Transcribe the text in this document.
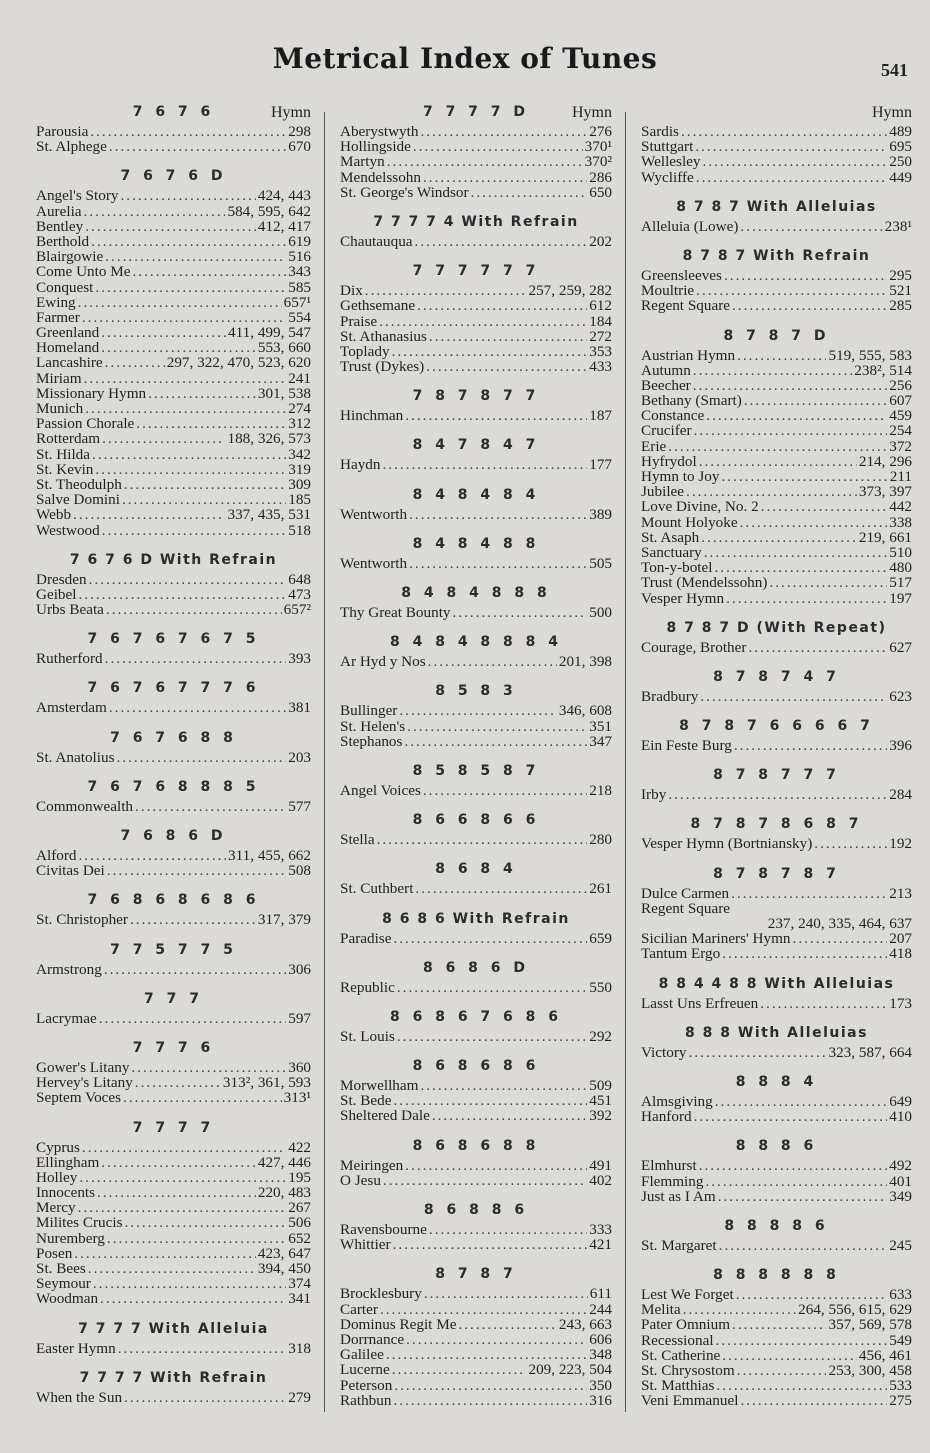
Metrical Index of Tunes	541
7 6 7 6	Hymn
Parousia .....	298
St. Alphege .....	670
7 6 7 6 D
Angel's Story .....	424, 443
Aurelia .....	584, 595, 642
Bentley .....	412, 417
Berthold .....	619
Blairgowie .....	516
Come Unto Me .....	343
Conquest .....	585
Ewing .....	657¹
Farmer .....	554
Greenland .....	411, 499, 547
Homeland .....	553, 660
Lancashire .....	297, 322, 470, 523, 620
Miriam .....	241
Missionary Hymn .....	301, 538
Munich .....	274
Passion Chorale .....	312
Rotterdam .....	188, 326, 573
St. Hilda .....	342
St. Kevin .....	319
St. Theodulph .....	309
Salve Domini .....	185
Webb .....	337, 435, 531
Westwood .....	518
7 6 7 6 D With Refrain
Dresden .....	648
Geibel .....	473
Urbs Beata .....	657²
7 6 7 6 7 6 7 5
Rutherford .....	393
7 6 7 6 7 7 7 6
Amsterdam .....	381
7 6 7 6 8 8
St. Anatolius .....	203
7 6 7 6 8 8 8 5
Commonwealth .....	577
7 6 8 6 D
Alford .....	311, 455, 662
Civitas Dei .....	508
7 6 8 6 8 6 8 6
St. Christopher .....	317, 379
7 7 5 7 7 5
Armstrong .....	306
7 7 7
Lacrymae .....	597
7 7 7 6
Gower's Litany .....	360
Hervey's Litany .....	313², 361, 593
Septem Voces .....	313¹
7 7 7 7
Cyprus .....	422
Ellingham .....	427, 446
Holley .....	195
Innocents .....	220, 483
Mercy .....	267
Milites Crucis .....	506
Nuremberg .....	652
Posen .....	423, 647
St. Bees .....	394, 450
Seymour .....	374
Woodman .....	341
7 7 7 7 With Alleluia
Easter Hymn .....	318
7 7 7 7 With Refrain
When the Sun .....	279
7 7 7 7 D	Hymn
Aberystwyth .....	276
Hollingside .....	370¹
Martyn .....	370²
Mendelssohn .....	286
St. George's Windsor .....	650
7 7 7 7 4 With Refrain
Chautauqua .....	202
7 7 7 7 7 7
Dix .....	257, 259, 282
Gethsemane .....	612
Praise .....	184
St. Athanasius .....	272
Toplady .....	353
Trust (Dykes) .....	433
7 8 7 8 7 7
Hinchman .....	187
8 4 7 8 4 7
Haydn .....	177
8 4 8 4 8 4
Wentworth .....	389
8 4 8 4 8 8
Wentworth .....	505
8 4 8 4 8 8 8
Thy Great Bounty .....	500
8 4 8 4 8 8 8 4
Ar Hyd y Nos .....	201, 398
8 5 8 3
Bullinger .....	346, 608
St. Helen's .....	351
Stephanos .....	347
8 5 8 5 8 7
Angel Voices .....	218
8 6 6 8 6 6
Stella .....	280
8 6 8 4
St. Cuthbert .....	261
8 6 8 6 With Refrain
Paradise .....	659
8 6 8 6 D
Republic .....	550
8 6 8 6 7 6 8 6
St. Louis .....	292
8 6 8 6 8 6
Morwellham .....	509
St. Bede .....	451
Sheltered Dale .....	392
8 6 8 6 8 8
Meiringen .....	491
O Jesu .....	402
8 6 8 8 6
Ravensbourne .....	333
Whittier .....	421
8 7 8 7
Brocklesbury .....	611
Carter .....	244
Dominus Regit Me .....	243, 663
Dorrnance .....	606
Galilee .....	348
Lucerne .....	209, 223, 504
Peterson .....	350
Rathbun .....	316

Hymn
Sardis .....	489
Stuttgart .....	695
Wellesley .....	250
Wycliffe .....	449
8 7 8 7 With Alleluias
Alleluia (Lowe) .....	238¹
8 7 8 7 With Refrain
Greensleeves .....	295
Moultrie .....	521
Regent Square .....	285
8 7 8 7 D
Austrian Hymn .....	519, 555, 583
Autumn .....	238², 514
Beecher .....	256
Bethany (Smart) .....	607
Constance .....	459
Crucifer .....	254
Erie .....	372
Hyfrydol .....	214, 296
Hymn to Joy .....	211
Jubilee .....	373, 397
Love Divine, No. 2 .....	442
Mount Holyoke .....	338
St. Asaph .....	219, 661
Sanctuary .....	510
Ton-y-botel .....	480
Trust (Mendelssohn) .....	517
Vesper Hymn .....	197
8 7 8 7 D (With Repeat)
Courage, Brother .....	627
8 7 8 7 4 7
Bradbury .....	623
8 7 8 7 6 6 6 6 7
Ein Feste Burg .....	396
8 7 8 7 7 7
Irby .....	284
8 7 8 7 8 6 8 7
Vesper Hymn (Bortniansky) .....	192
8 7 8 7 8 7
Dulce Carmen .....	213
Regent Square
237, 240, 335, 464, 637
Sicilian Mariners' Hymn .....	207
Tantum Ergo .....	418
8 8 4 4 8 8 With Alleluias
Lasst Uns Erfreuen .....	173
8 8 8 With Alleluias
Victory .....	323, 587, 664
8 8 8 4
Almsgiving .....	649
Hanford .....	410
8 8 8 6
Elmhurst .....	492
Flemming .....	401
Just as I Am .....	349
8 8 8 8 6
St. Margaret .....	245
8 8 8 8 8 8
Lest We Forget .....	633
Melita .....	264, 556, 615, 629
Pater Omnium .....	357, 569, 578
Recessional .....	549
St. Catherine .....	456, 461
St. Chrysostom .....	253, 300, 458
St. Matthias .....	533
Veni Emmanuel .....	275
